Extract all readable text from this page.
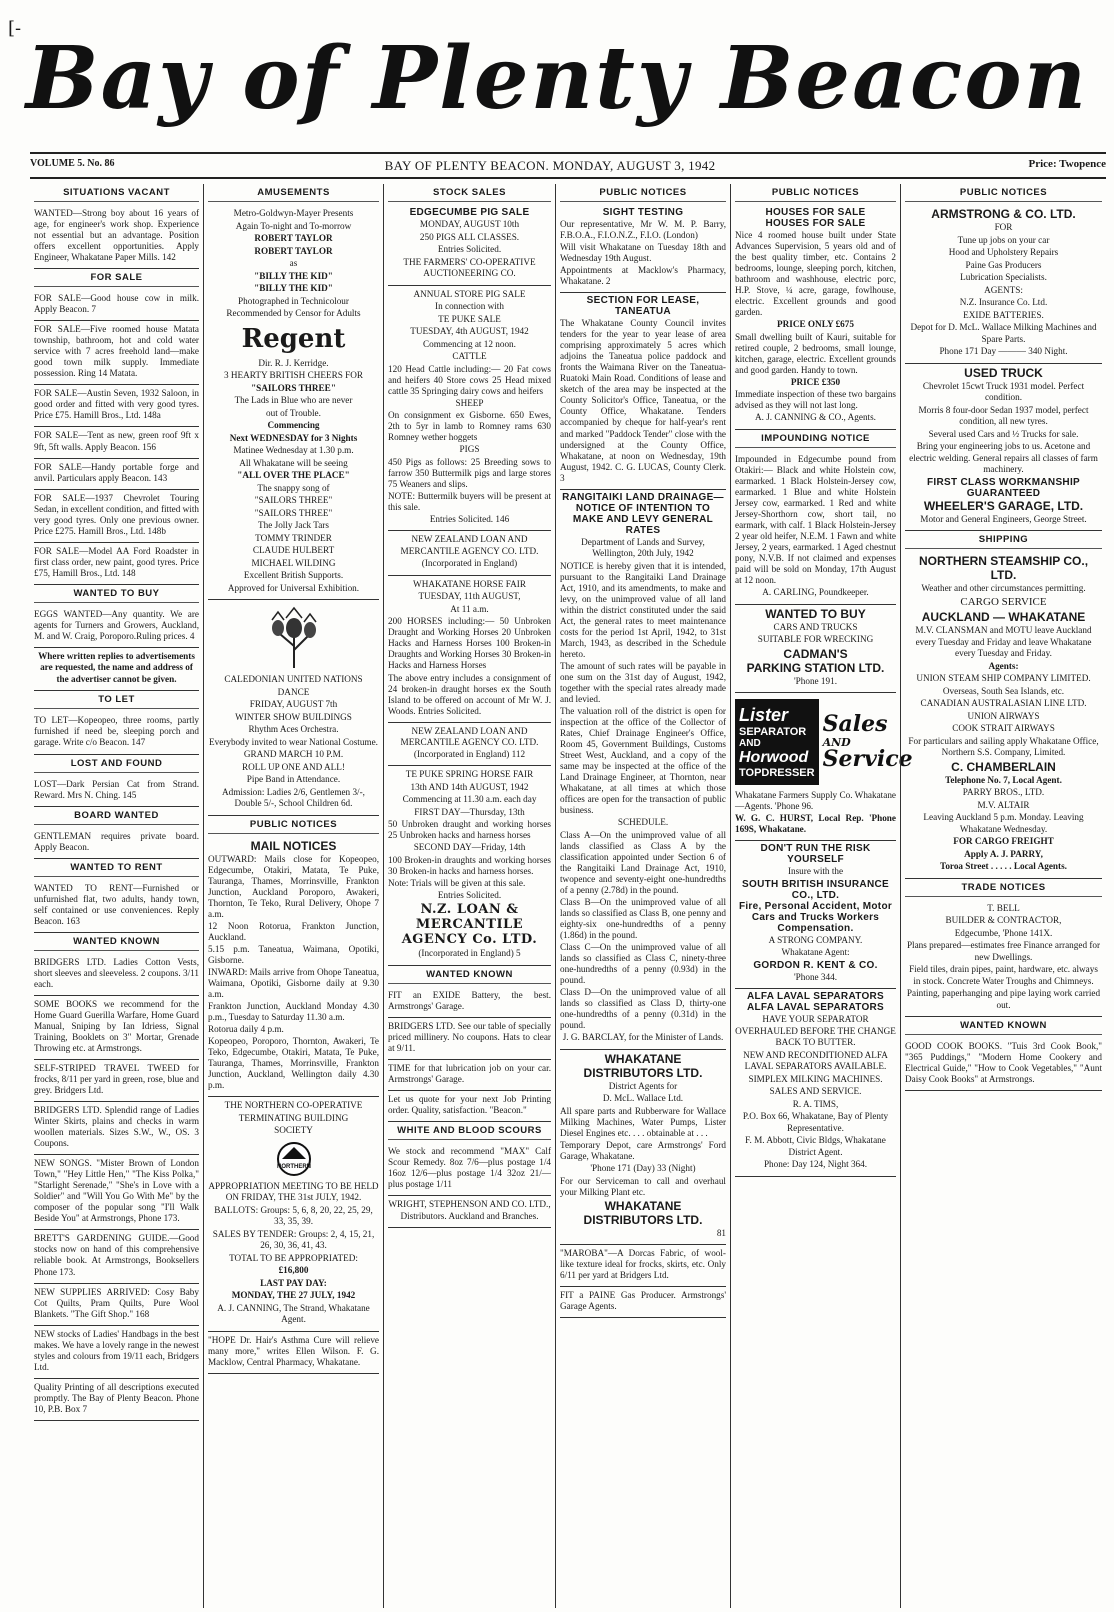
[- Bay of Plenty Beacon
VOLUME 5. No. 86	BAY OF PLENTY BEACON. MONDAY, AUGUST 3, 1942	Price: Twopence
SITUATIONS VACANT
WANTED—Strong boy about 16 years of age, for engineer's work shop. Experience not essential but an advantage. Position offers excellent opportunities. Apply Engineer, Whakatane Paper Mills. 142
FOR SALE
FOR SALE—Good house cow in milk. Apply Beacon. 7
FOR SALE—Five roomed house Matata township, bathroom, hot and cold water service with 7 acres freehold land—make good town milk supply. Immediate possession. Ring 14 Matata.
FOR SALE—Austin Seven, 1932 Saloon, in good order and fitted with very good tyres. Price £75. Hamill Bros., Ltd. 148a
FOR SALE—Tent as new, green roof 9ft x 9ft, 5ft walls. Apply Beacon. 156
FOR SALE—Handy portable forge and anvil. Particulars apply Beacon. 143
FOR SALE—1937 Chevrolet Touring Sedan, in excellent condition, and fitted with very good tyres. Only one previous owner. Price £275. Hamill Bros., Ltd. 148b
FOR SALE—Model AA Ford Roadster in first class order, new paint, good tyres. Price £75, Hamill Bros., Ltd. 148
WANTED TO BUY
EGGS WANTED—Any quantity. We are agents for Turners and Growers, Auckland, M. and W. Craig, Poroporo.Ruling prices. 4
Where written replies to advertisements are requested, the name and address of the advertiser cannot be given.
TO LET
TO LET—Kopeopeo, three rooms, partly furnished if need be, sleeping porch and garage. Write c/o Beacon. 147
LOST AND FOUND
LOST—Dark Persian Cat from Strand. Reward. Mrs N. Ching. 145
BOARD WANTED
GENTLEMAN requires private board. Apply Beacon.
WANTED TO RENT
WANTED TO RENT—Furnished or unfurnished flat, two adults, handy town, self contained or use conveniences. Reply Beacon. 163
WANTED KNOWN
BRIDGERS LTD. Ladies Cotton Vests, short sleeves and sleeveless. 2 coupons. 3/11 each.
SOME BOOKS we recommend for the Home Guard Guerilla Warfare, Home Guard Manual, Sniping by Ian Idriess, Signal Training, Booklets on 3" Mortar, Grenade Throwing etc. at Armstrongs.
SELF-STRIPED TRAVEL TWEED for frocks, 8/11 per yard in green, rose, blue and grey. Bridgers Ltd.
BRIDGERS LTD. Splendid range of Ladies Winter Skirts, plains and checks in warm woollen materials. Sizes S.W., W., OS. 3 Coupons.
NEW SONGS. "Mister Brown of London Town," "Hey Little Hen," "The Kiss Polka," "Starlight Serenade," "She's in Love with a Soldier" and "Will You Go With Me" by the composer of the popular song "I'll Walk Beside You" at Armstrongs, Phone 173.
BRETT'S GARDENING GUIDE.—Good stocks now on hand of this comprehensive reliable book. At Armstrongs, Booksellers Phone 173.
NEW SUPPLIES ARRIVED: Cosy Baby Cot Quilts, Pram Quilts, Pure Wool Blankets. "The Gift Shop." 168
NEW stocks of Ladies' Handbags in the best makes. We have a lovely range in the newest styles and colours from 19/11 each, Bridgers Ltd.
Quality Printing of all descriptions executed promptly. The Bay of Plenty Beacon. Phone 10, P.B. Box 7
AMUSEMENTS
Metro-Goldwyn-Mayer Presents
Again To-night and To-morrow
ROBERT TAYLOR
ROBERT TAYLOR
as
"BILLY THE KID"
"BILLY THE KID"
Photographed in Technicolour
Recommended by Censor for Adults
Regent
Dir. R. J. Kerridge.
3 HEARTY BRITISH CHEERS FOR
"SAILORS THREE"
The Lads in Blue who are never
out of Trouble.
Commencing
Next WEDNESDAY for 3 Nights
Matinee Wednesday at 1.30 p.m.
All Whakatane will be seeing
"ALL OVER THE PLACE"
The snappy song of
"SAILORS THREE"
"SAILORS THREE"
The Jolly Jack Tars
TOMMY TRINDER
CLAUDE HULBERT
MICHAEL WILDING
Excellent British Supports.
Approved for Universal Exhibition.
CALEDONIAN UNITED NATIONS
DANCE
FRIDAY, AUGUST 7th
WINTER SHOW BUILDINGS
Rhythm Aces Orchestra.
Everybody invited to wear National Costume.
GRAND MARCH 10 P.M.
ROLL UP ONE AND ALL!
Pipe Band in Attendance.
Admission: Ladies 2/6, Gentlemen 3/-, Double 5/-, School Children 6d.
PUBLIC NOTICES
MAIL NOTICES
OUTWARD: Mails close for Kopeopeo, Edgecumbe, Otakiri, Matata, Te Puke, Tauranga, Thames, Morrinsville, Frankton Junction, Auckland Poroporo, Awakeri, Thornton, Te Teko, Rural Delivery, Ohope 7 a.m.
12 Noon Rotorua, Frankton Junction, Auckland.
5.15 p.m. Taneatua, Waimana, Opotiki, Gisborne.
INWARD: Mails arrive from Ohope Taneatua, Waimana, Opotiki, Gisborne daily at 9.30 a.m.
Frankton Junction, Auckland Monday 4.30 p.m., Tuesday to Saturday 11.30 a.m.
Rotorua daily 4 p.m.
Kopeopeo, Poroporo, Thornton, Awakeri, Te Teko, Edgecumbe, Otakiri, Matata, Te Puke, Tauranga, Thames, Morrinsville, Frankton Junction, Auckland, Wellington daily 4.30 p.m.
THE NORTHERN CO-OPERATIVE
TERMINATING BUILDING
SOCIETY
NORTHERN
APPROPRIATION MEETING TO BE HELD ON FRIDAY, THE 31st JULY, 1942.
BALLOTS: Groups: 5, 6, 8, 20, 22, 25, 29, 33, 35, 39.
SALES BY TENDER: Groups: 2, 4, 15, 21, 26, 30, 36, 41, 43.
TOTAL TO BE APPROPRIATED:
£16,800
LAST PAY DAY:
MONDAY, THE 27 JULY, 1942
A. J. CANNING, The Strand, Whakatane Agent.
"HOPE Dr. Hair's Asthma Cure will relieve many more," writes Ellen Wilson. F. G. Macklow, Central Pharmacy, Whakatane.
STOCK SALES
EDGECUMBE PIG SALE
MONDAY, AUGUST 10th
250 PIGS ALL CLASSES.
Entries Solicited.
THE FARMERS' CO-OPERATIVE AUCTIONEERING CO.
ANNUAL STORE PIG SALE
In connection with
TE PUKE SALE
TUESDAY, 4th AUGUST, 1942
Commencing at 12 noon.
CATTLE
120 Head Cattle including:— 20 Fat cows and heifers 40 Store cows 25 Head mixed cattle 35 Springing dairy cows and heifers
SHEEP
On consignment ex Gisborne. 650 Ewes, 2th to 5yr in lamb to Romney rams 630 Romney wether hoggets
PIGS
450 Pigs as follows: 25 Breeding sows to farrow 350 Buttermilk pigs and large stores 75 Weaners and slips.
NOTE: Buttermilk buyers will be present at this sale.
Entries Solicited. 146
NEW ZEALAND LOAN AND MERCANTILE AGENCY CO. LTD.
(Incorporated in England)
WHAKATANE HORSE FAIR
TUESDAY, 11th AUGUST,
At 11 a.m.
200 HORSES including:— 50 Unbroken Draught and Working Horses 20 Unbroken Hacks and Harness Horses 100 Broken-in Draughts and Working Horses 30 Broken-in Hacks and Harness Horses
The above entry includes a consignment of 24 broken-in draught horses ex the South Island to be offered on account of Mr W. J. Woods. Entries Solicited.
NEW ZEALAND LOAN AND MERCANTILE AGENCY CO. LTD. (Incorporated in England) 112
TE PUKE SPRING HORSE FAIR
13th AND 14th AUGUST, 1942
Commencing at 11.30 a.m. each day
FIRST DAY—Thursday, 13th
50 Unbroken draught and working horses 25 Unbroken hacks and harness horses
SECOND DAY—Friday, 14th
100 Broken-in draughts and working horses 30 Broken-in hacks and harness horses.
Note: Trials will be given at this sale.
Entries Solicited.
N.Z. LOAN & MERCANTILE AGENCY Co. LTD.
(Incorporated in England) 5
WANTED KNOWN
FIT an EXIDE Battery, the best. Armstrongs' Garage.
BRIDGERS LTD. See our table of specially priced millinery. No coupons. Hats to clear at 9/11.
TIME for that lubrication job on your car. Armstrongs' Garage.
Let us quote for your next Job Printing order. Quality, satisfaction. "Beacon."
WHITE AND BLOOD SCOURS
We stock and recommend "MAX" Calf Scour Remedy. 8oz 7/6—plus postage 1/4 16oz 12/6—plus postage 1/4 32oz 21/—plus postage 1/11
WRIGHT, STEPHENSON AND CO. LTD., Distributors. Auckland and Branches.
PUBLIC NOTICES
SIGHT TESTING
Our representative, Mr W. M. P. Barry, F.B.O.A., F.I.O.N.Z., F.I.O. (London)
Will visit Whakatane on Tuesday 18th and Wednesday 19th August.
Appointments at Macklow's Pharmacy, Whakatane. 2
SECTION FOR LEASE, TANEATUA
The Whakatane County Council invites tenders for the year to year lease of area comprising approximately 5 acres which adjoins the Taneatua police paddock and fronts the Waimana River on the Taneatua-Ruatoki Main Road. Conditions of lease and sketch of the area may be inspected at the County Solicitor's Office, Taneatua, or the County Office, Whakatane. Tenders accompanied by cheque for half-year's rent and marked "Paddock Tender" close with the undersigned at the County Office, Whakatane, at noon on Wednesday, 19th August, 1942. C. G. LUCAS, County Clerk. 3
RANGITAIKI LAND DRAINAGE—NOTICE OF INTENTION TO MAKE AND LEVY GENERAL RATES
Department of Lands and Survey, Wellington, 20th July, 1942
NOTICE is hereby given that it is intended, pursuant to the Rangitaiki Land Drainage Act, 1910, and its amendments, to make and levy, on the unimproved value of all land within the district constituted under the said Act, the general rates to meet maintenance costs for the period 1st April, 1942, to 31st March, 1943, as described in the Schedule hereto.
The amount of such rates will be payable in one sum on the 31st day of August, 1942, together with the special rates already made and levied.
The valuation roll of the district is open for inspection at the office of the Collector of Rates, Chief Drainage Engineer's Office, Room 45, Government Buildings, Customs Street West, Auckland, and a copy of the same may be inspected at the office of the Land Drainage Engineer, at Thornton, near Whakatane, at all times at which those offices are open for the transaction of public business.
SCHEDULE.
Class A—On the unimproved value of all lands classified as Class A by the classification appointed under Section 6 of the Rangitaiki Land Drainage Act, 1910, twopence and seventy-eight one-hundredths of a penny (2.78d) in the pound.
Class B—On the unimproved value of all lands so classified as Class B, one penny and eighty-six one-hundredths of a penny (1.86d) in the pound.
Class C—On the unimproved value of all lands so classified as Class C, ninety-three one-hundredths of a penny (0.93d) in the pound.
Class D—On the unimproved value of all lands so classified as Class D, thirty-one one-hundredths of a penny (0.31d) in the pound.
J. G. BARCLAY, for the Minister of Lands.
WHAKATANE DISTRIBUTORS LTD.
District Agents for
D. McL. Wallace Ltd.
All spare parts and Rubberware for Wallace Milking Machines, Water Pumps, Lister Diesel Engines etc. . . . obtainable at . . .
Temporary Depot, care Armstrongs' Ford Garage, Whakatane.
'Phone 171 (Day) 33 (Night)
For our Serviceman to call and overhaul your Milking Plant etc.
WHAKATANE DISTRIBUTORS LTD.
81
"MAROBA"—A Dorcas Fabric, of wool-like texture ideal for frocks, skirts, etc. Only 6/11 per yard at Bridgers Ltd.
FIT a PAINE Gas Producer. Armstrongs' Garage Agents.
PUBLIC NOTICES
HOUSES FOR SALE
HOUSES FOR SALE
Nice 4 roomed house built under State Advances Supervision, 5 years old and of the best quality timber, etc. Contains 2 bedrooms, lounge, sleeping porch, kitchen, bathroom and washhouse, electric porc, H.P. Stove, ¼ acre, garage, fowlhouse, electric. Excellent grounds and good garden.
PRICE ONLY £675
Small dwelling built of Kauri, suitable for retired couple, 2 bedrooms, small lounge, kitchen, garage, electric. Excellent grounds and good garden. Handy to town.
PRICE £350
Immediate inspection of these two bargains advised as they will not last long.
A. J. CANNING & CO., Agents.
IMPOUNDING NOTICE
Impounded in Edgecumbe pound from Otakiri:— Black and white Holstein cow, earmarked. 1 Black Holstein-Jersey cow, earmarked. 1 Blue and white Holstein Jersey cow, earmarked. 1 Red and white Jersey-Shorthorn cow, short tail, no earmark, with calf. 1 Black Holstein-Jersey 2 year old heifer, N.E.M. 1 Fawn and white Jersey, 2 years, earmarked. 1 Aged chestnut pony, N.V.B. If not claimed and expenses paid will be sold on Monday, 17th August at 12 noon.
A. CARLING, Poundkeeper.
WANTED TO BUY
CARS AND TRUCKS
SUITABLE FOR WRECKING
CADMAN'S
PARKING STATION LTD.
'Phone 191.
Lister
SEPARATOR
AND
Horwood
TOPDRESSER
Sales
AND
Service
Whakatane Farmers Supply Co. Whakatane—Agents. 'Phone 96.
W. G. C. HURST, Local Rep. 'Phone 169S, Whakatane.
DON'T RUN THE RISK YOURSELF
Insure with the
SOUTH BRITISH INSURANCE CO., LTD.
Fire, Personal Accident, Motor Cars and Trucks Workers Compensation.
A STRONG COMPANY.
Whakatane Agent:
GORDON R. KENT & CO.
'Phone 344.
ALFA LAVAL SEPARATORS
ALFA LAVAL SEPARATORS
HAVE YOUR SEPARATOR OVERHAULED BEFORE THE CHANGE BACK TO BUTTER.
NEW AND RECONDITIONED ALFA LAVAL SEPARATORS AVAILABLE.
SIMPLEX MILKING MACHINES.
SALES AND SERVICE.
R. A. TIMS,
P.O. Box 66, Whakatane, Bay of Plenty Representative.
F. M. Abbott, Civic Bldgs, Whakatane District Agent.
Phone: Day 124, Night 364.
PUBLIC NOTICES
ARMSTRONG & CO. LTD.
FOR
Tune up jobs on your car
Hood and Upholstery Repairs
Paine Gas Producers
Lubrication Specialists.
AGENTS:
N.Z. Insurance Co. Ltd.
EXIDE BATTERIES.
Depot for D. McL. Wallace Milking Machines and Spare Parts.
Phone 171 Day ——— 340 Night.
USED TRUCK
Chevrolet 15cwt Truck 1931 model. Perfect condition.
Morris 8 four-door Sedan 1937 model, perfect condition, all new tyres.
Several used Cars and ½ Trucks for sale.
Bring your engineering jobs to us. Acetone and electric welding. General repairs all classes of farm machinery.
FIRST CLASS WORKMANSHIP GUARANTEED
WHEELER'S GARAGE, LTD.
Motor and General Engineers, George Street.
SHIPPING
NORTHERN STEAMSHIP CO., LTD.
Weather and other circumstances permitting.
CARGO SERVICE
AUCKLAND — WHAKATANE
M.V. CLANSMAN and MOTU leave Auckland every Tuesday and Friday and leave Whakatane every Tuesday and Friday.
Agents:
UNION STEAM SHIP COMPANY LIMITED.
Overseas, South Sea Islands, etc.
CANADIAN AUSTRALASIAN LINE LTD.
UNION AIRWAYS
COOK STRAIT AIRWAYS
For particulars and sailing apply Whakatane Office, Northern S.S. Company, Limited.
C. CHAMBERLAIN
Telephone No. 7, Local Agent.
PARRY BROS., LTD.
M.V. ALTAIR
Leaving Auckland 5 p.m. Monday. Leaving Whakatane Wednesday.
FOR CARGO FREIGHT
Apply A. J. PARRY,
Toroa Street . . . . . Local Agents.
TRADE NOTICES
T. BELL
BUILDER & CONTRACTOR,
Edgecumbe, 'Phone 141X.
Plans prepared—estimates free Finance arranged for new Dwellings.
Field tiles, drain pipes, paint, hardware, etc. always in stock. Concrete Water Troughs and Chimneys.
Painting, paperhanging and pipe laying work carried out.
WANTED KNOWN
GOOD COOK BOOKS. "Tuis 3rd Cook Book," "365 Puddings," "Modern Home Cookery and Electrical Guide," "How to Cook Vegetables," "Aunt Daisy Cook Books" at Armstrongs.
